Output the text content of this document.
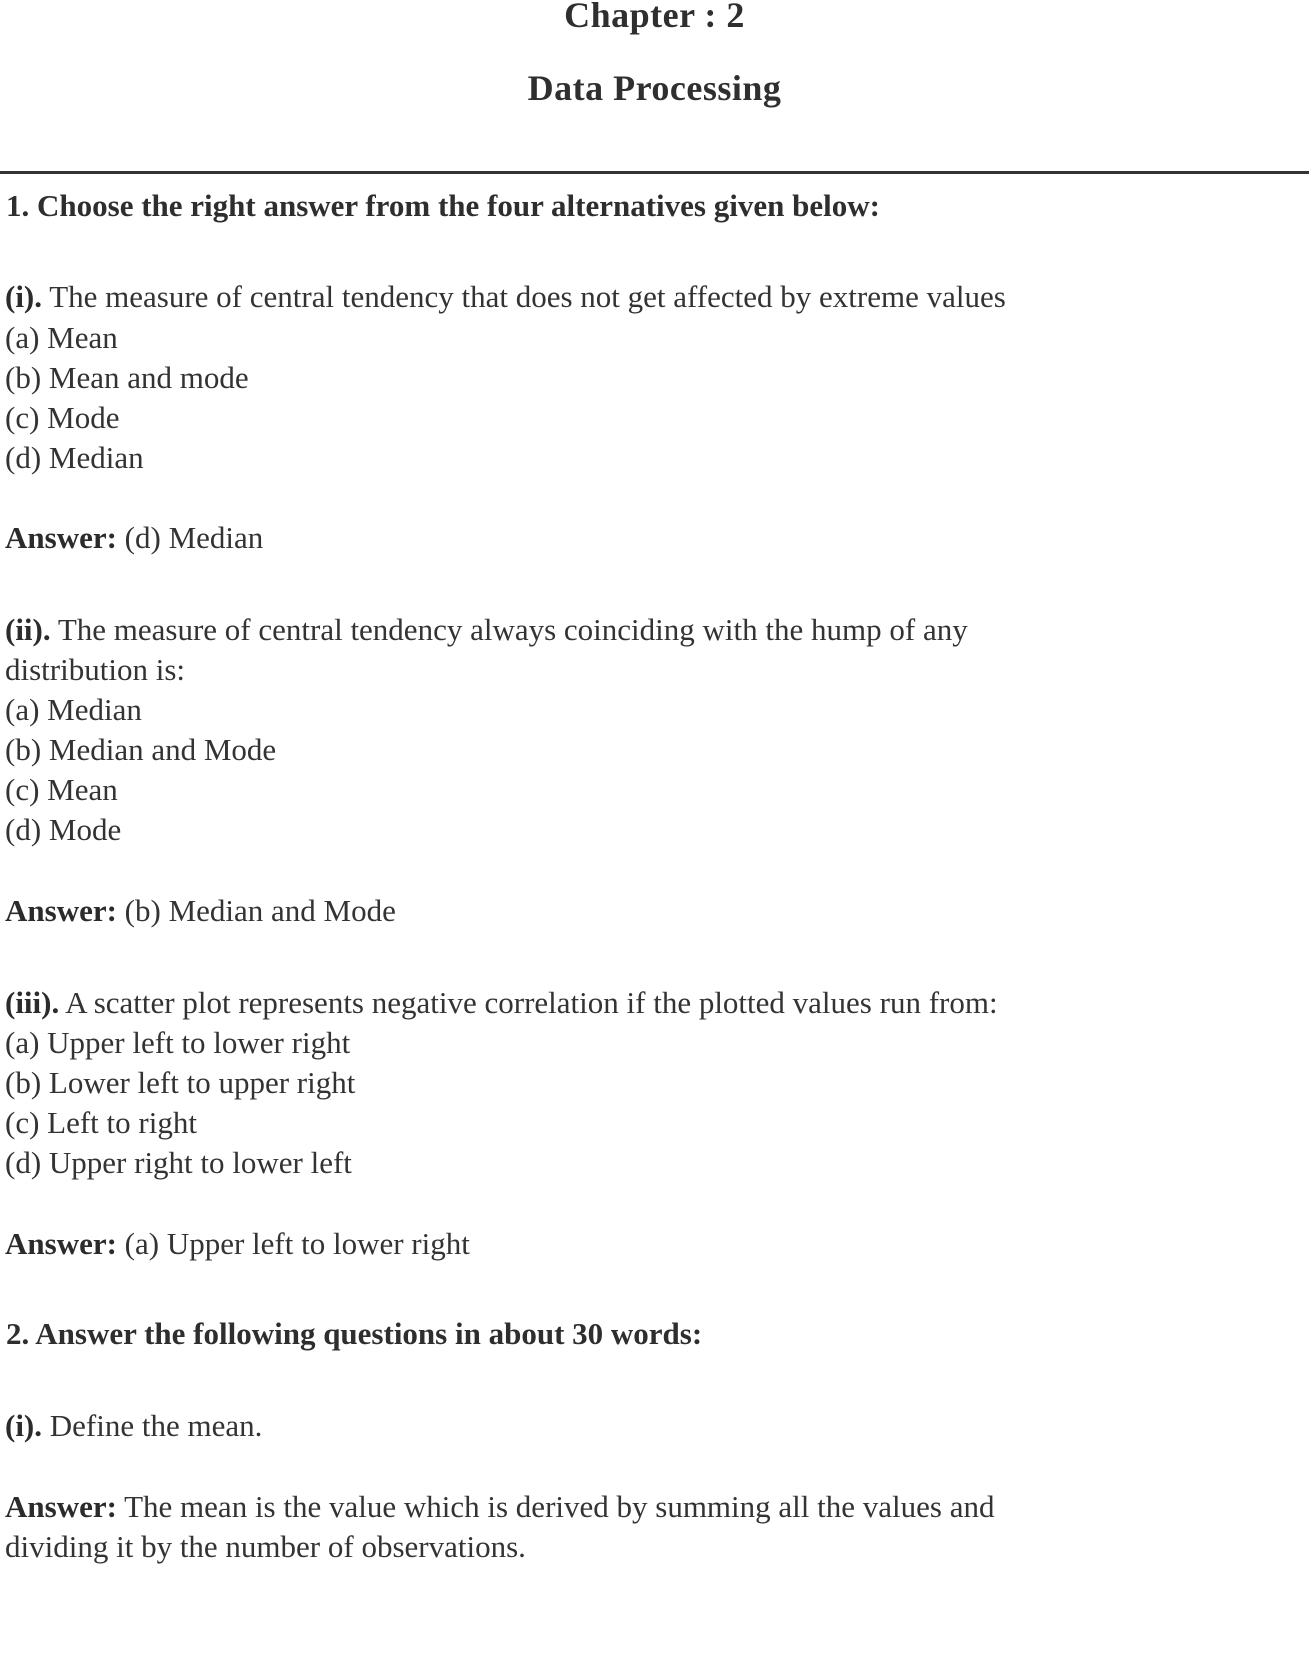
Chapter : 2
Data Processing
1. Choose the right answer from the four alternatives given below:
(i). The measure of central tendency that does not get affected by extreme values
(a) Mean
(b) Mean and mode
(c) Mode
(d) Median
Answer: (d) Median
(ii). The measure of central tendency always coinciding with the hump of any
distribution is:
(a) Median
(b) Median and Mode
(c) Mean
(d) Mode
Answer: (b) Median and Mode
(iii). A scatter plot represents negative correlation if the plotted values run from:
(a) Upper left to lower right
(b) Lower left to upper right
(c) Left to right
(d) Upper right to lower left
Answer: (a) Upper left to lower right
2. Answer the following questions in about 30 words:
(i). Define the mean.
Answer: The mean is the value which is derived by summing all the values and
dividing it by the number of observations.
